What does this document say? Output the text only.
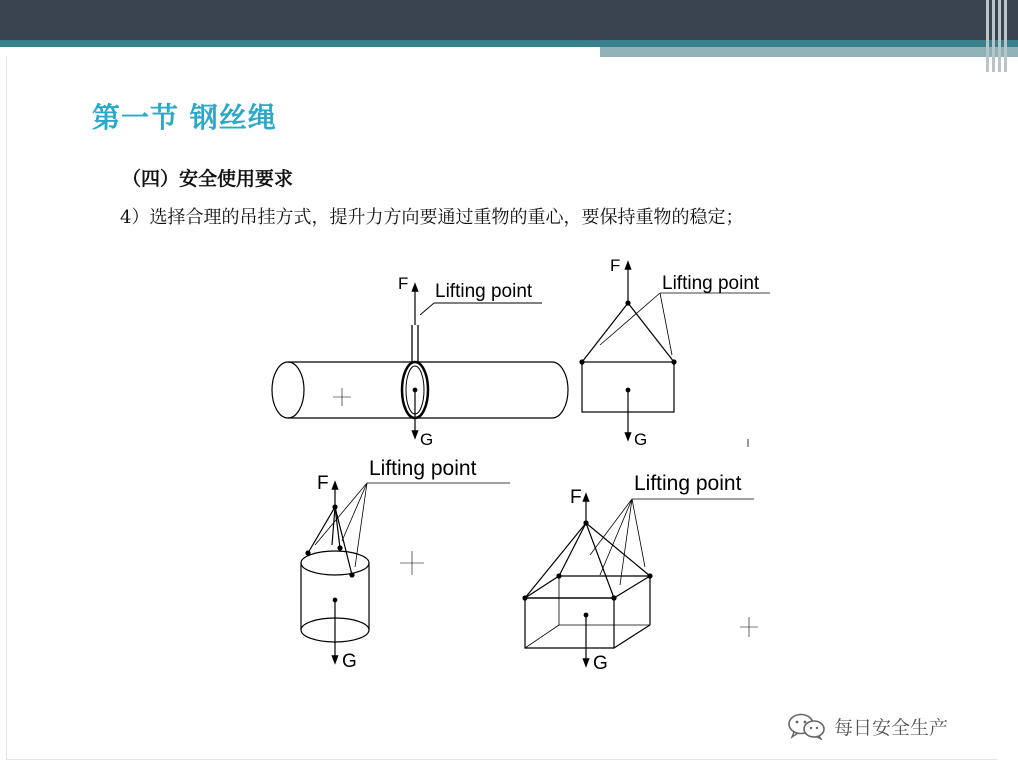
第一节 钢丝绳
（四）安全使用要求
4）选择合理的吊挂方式，提升力方向要通过重物的重心，要保持重物的稳定；
F Lifting point
G
F
Lifting point
G
F
Lifting point
G
F
Lifting point
G
每日安全生产
